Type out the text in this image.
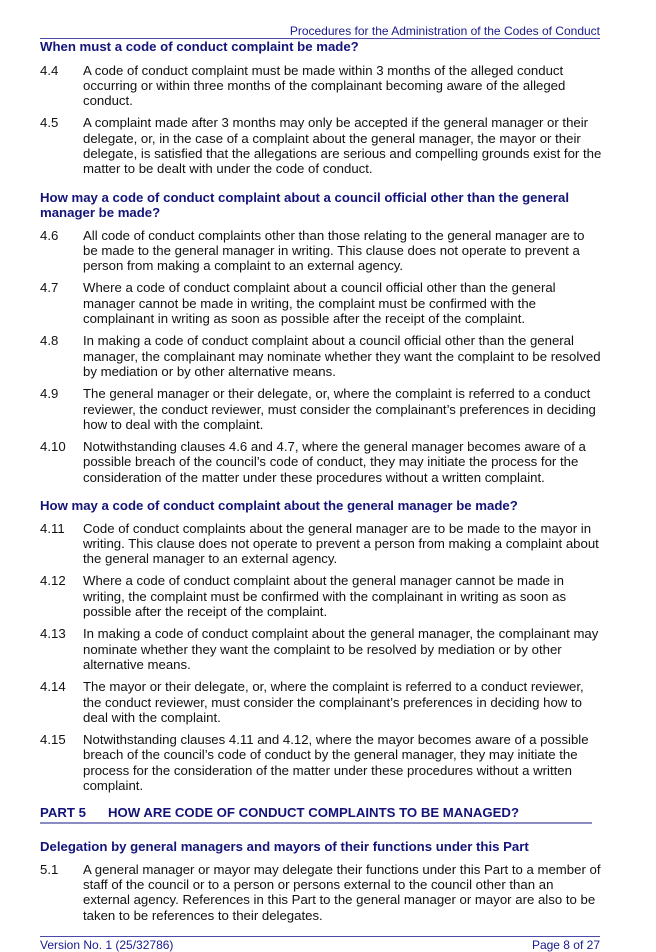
Procedures for the Administration of the Codes of Conduct
When must a code of conduct complaint be made?
4.4	A code of conduct complaint must be made within 3 months of the alleged conduct occurring or within three months of the complainant becoming aware of the alleged conduct.
4.5	A complaint made after 3 months may only be accepted if the general manager or their delegate, or, in the case of a complaint about the general manager, the mayor or their delegate, is satisfied that the allegations are serious and compelling grounds exist for the matter to be dealt with under the code of conduct.
How may a code of conduct complaint about a council official other than the general manager be made?
4.6	All code of conduct complaints other than those relating to the general manager are to be made to the general manager in writing. This clause does not operate to prevent a person from making a complaint to an external agency.
4.7	Where a code of conduct complaint about a council official other than the general manager cannot be made in writing, the complaint must be confirmed with the complainant in writing as soon as possible after the receipt of the complaint.
4.8	In making a code of conduct complaint about a council official other than the general manager, the complainant may nominate whether they want the complaint to be resolved by mediation or by other alternative means.
4.9	The general manager or their delegate, or, where the complaint is referred to a conduct reviewer, the conduct reviewer, must consider the complainant’s preferences in deciding how to deal with the complaint.
4.10	Notwithstanding clauses 4.6 and 4.7, where the general manager becomes aware of a possible breach of the council’s code of conduct, they may initiate the process for the consideration of the matter under these procedures without a written complaint.
How may a code of conduct complaint about the general manager be made?
4.11	Code of conduct complaints about the general manager are to be made to the mayor in writing. This clause does not operate to prevent a person from making a complaint about the general manager to an external agency.
4.12	Where a code of conduct complaint about the general manager cannot be made in writing, the complaint must be confirmed with the complainant in writing as soon as possible after the receipt of the complaint.
4.13	In making a code of conduct complaint about the general manager, the complainant may nominate whether they want the complaint to be resolved by mediation or by other alternative means.
4.14	The mayor or their delegate, or, where the complaint is referred to a conduct reviewer, the conduct reviewer, must consider the complainant’s preferences in deciding how to deal with the complaint.
4.15	Notwithstanding clauses 4.11 and 4.12, where the mayor becomes aware of a possible breach of the council’s code of conduct by the general manager, they may initiate the process for the consideration of the matter under these procedures without a written complaint.
PART 5	HOW ARE CODE OF CONDUCT COMPLAINTS TO BE MANAGED?
Delegation by general managers and mayors of their functions under this Part
5.1	A general manager or mayor may delegate their functions under this Part to a member of staff of the council or to a person or persons external to the council other than an external agency. References in this Part to the general manager or mayor are also to be taken to be references to their delegates.
Version No. 1 (25/32786)	Page 8 of 27
